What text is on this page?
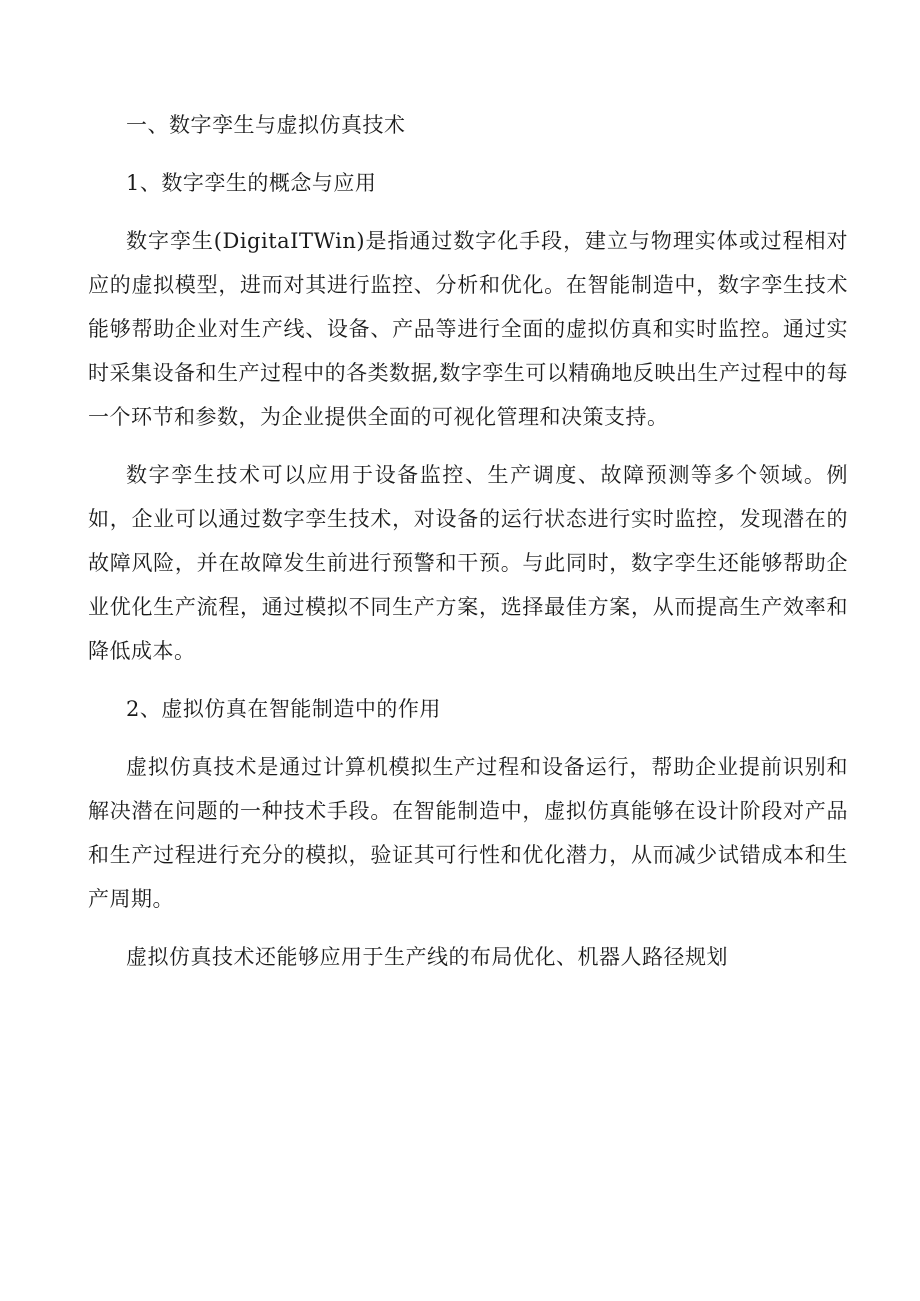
一、数字孪生与虚拟仿真技术

1、数字孪生的概念与应用

数字孪生(DigitaITWin)是指通过数字化手段，建立与物理实体或过程相对应的虚拟模型，进而对其进行监控、分析和优化。在智能制造中，数字孪生技术能够帮助企业对生产线、设备、产品等进行全面的虚拟仿真和实时监控。通过实时采集设备和生产过程中的各类数据,数字孪生可以精确地反映出生产过程中的每一个环节和参数，为企业提供全面的可视化管理和决策支持。

数字孪生技术可以应用于设备监控、生产调度、故障预测等多个领域。例如，企业可以通过数字孪生技术，对设备的运行状态进行实时监控，发现潜在的故障风险，并在故障发生前进行预警和干预。与此同时，数字孪生还能够帮助企业优化生产流程，通过模拟不同生产方案，选择最佳方案，从而提高生产效率和降低成本。

2、虚拟仿真在智能制造中的作用

虚拟仿真技术是通过计算机模拟生产过程和设备运行，帮助企业提前识别和解决潜在问题的一种技术手段。在智能制造中，虚拟仿真能够在设计阶段对产品和生产过程进行充分的模拟，验证其可行性和优化潜力，从而减少试错成本和生产周期。

虚拟仿真技术还能够应用于生产线的布局优化、机器人路径规划
